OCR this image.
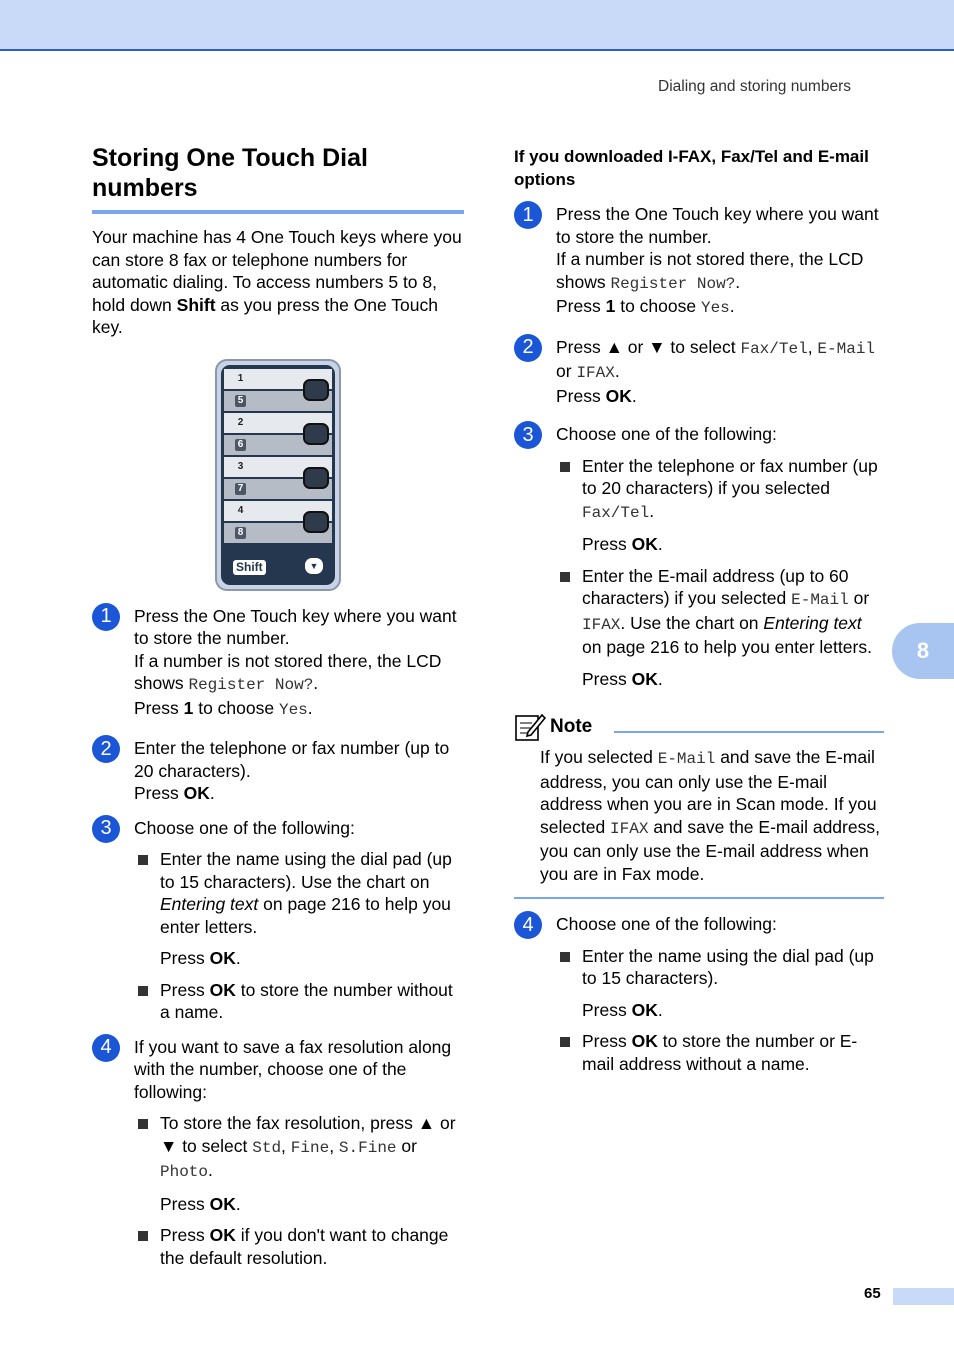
Dialing and storing numbers
8
Storing One Touch Dial numbers

Your machine has 4 One Touch keys where you can store 8 fax or telephone numbers for automatic dialing. To access numbers 5 to 8, hold down Shift as you press the One Touch key.

1
5
2
6
3
7
4
8
Shift	▼
1	Press the One Touch key where you want to store the number.

If a number is not stored there, the LCD shows Register Now?.

Press 1 to choose Yes.

2	Enter the telephone or fax number (up to 20 characters).

Press OK.

3	Choose one of the following:

Enter the name using the dial pad (up to 15 characters). Use the chart on Entering text on page 216 to help you enter letters.
Press OK.
Press OK to store the number without a name.
4	If you want to save a fax resolution along with the number, choose one of the following:

To store the fax resolution, press ▲ or ▼ to select Std, Fine, S.Fine or Photo.
Press OK.
Press OK if you don't want to change the default resolution.
If you downloaded I-FAX, Fax/Tel and E-mail options
1	Press the One Touch key where you want to store the number.

If a number is not stored there, the LCD shows Register Now?.

Press 1 to choose Yes.

2	Press ▲ or ▼ to select Fax/Tel, E-Mail

or IFAX.

Press OK.

3	Choose one of the following:

Enter the telephone or fax number (up to 20 characters) if you selected Fax/Tel.
Press OK.
Enter the E-mail address (up to 60 characters) if you selected E-Mail or IFAX. Use the chart on Entering text on page 216 to help you enter letters.
Press OK.
Note

If you selected E-Mail and save the E-mail address, you can only use the E-mail address when you are in Scan mode. If you selected IFAX and save the E-mail address, you can only use the E-mail address when you are in Fax mode.

4	Choose one of the following:

Enter the name using the dial pad (up to 15 characters).
Press OK.
Press OK to store the number or E-mail address without a name.
65
